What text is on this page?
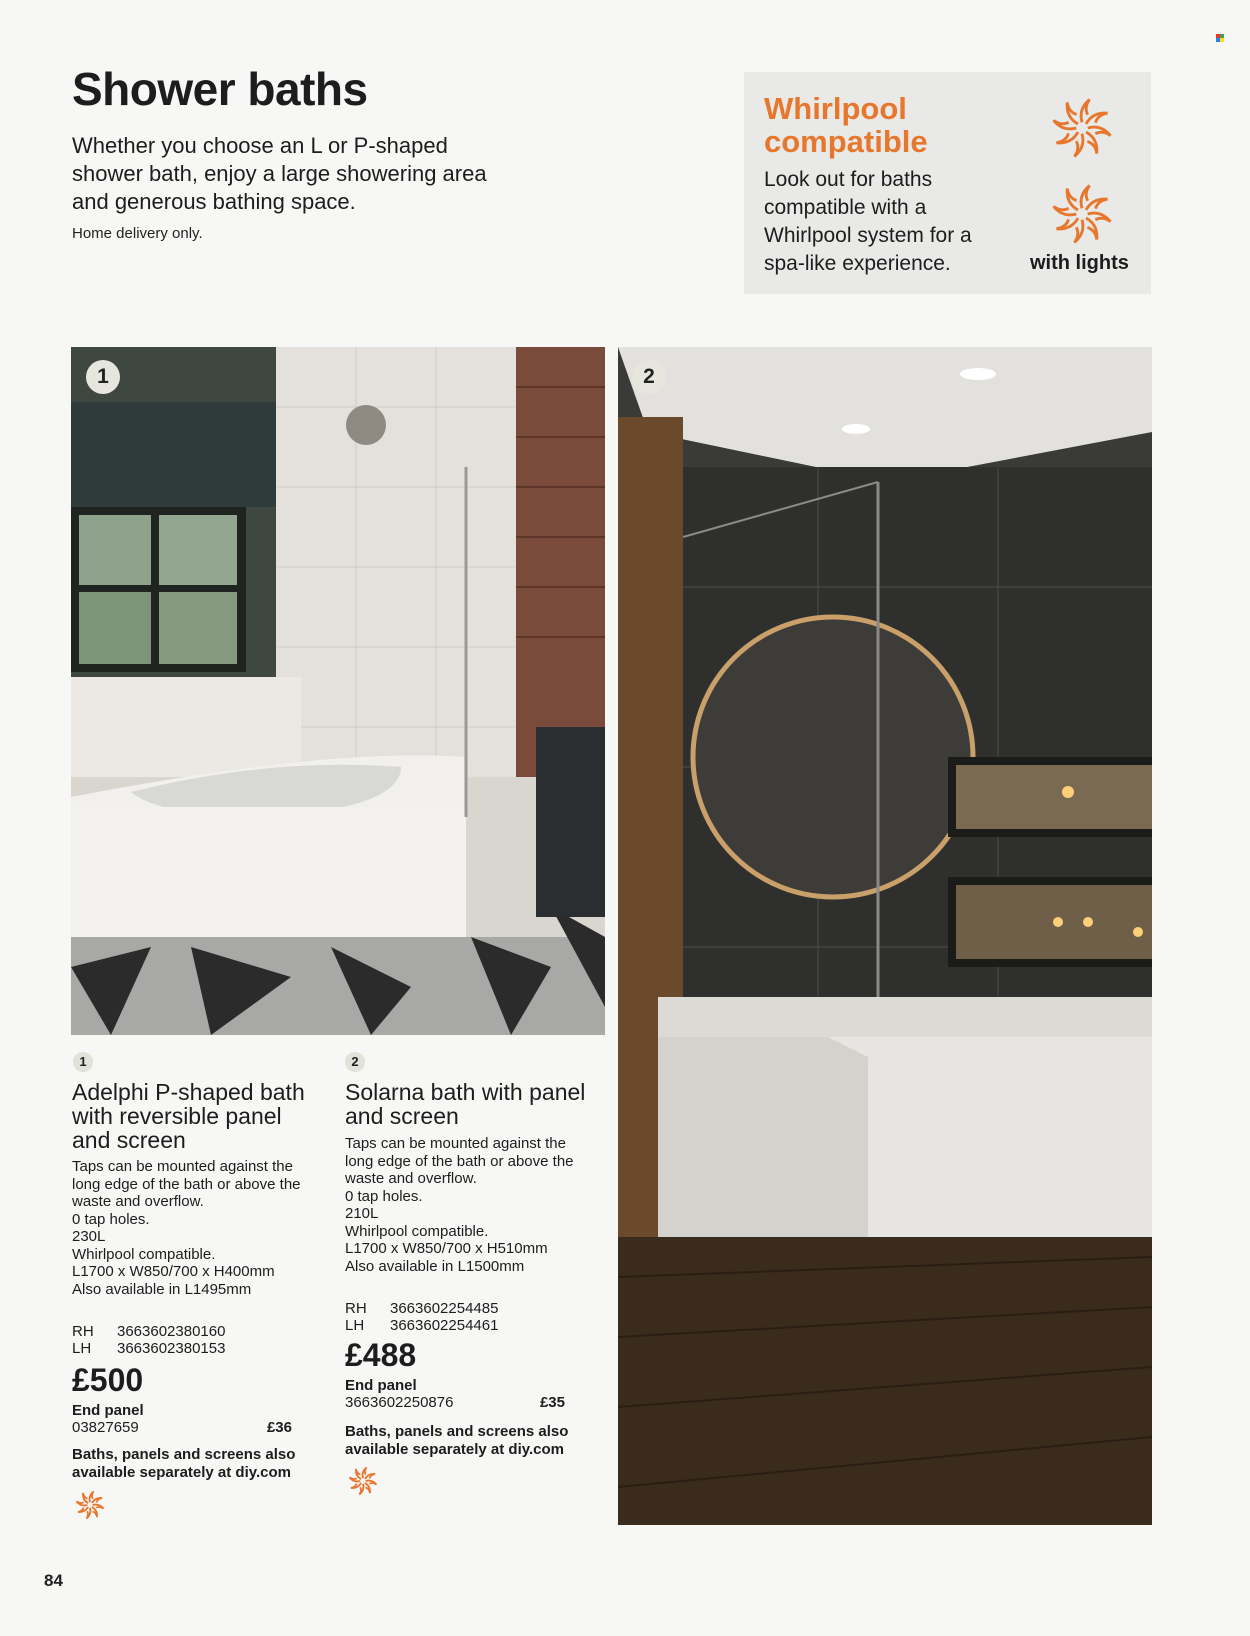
Shower baths
Whether you choose an L or P-shaped shower bath, enjoy a large showering area and generous bathing space.
Home delivery only.
Whirlpool compatible
Look out for baths compatible with a Whirlpool system for a spa-like experience.	with lights
1	2
1
Adelphi P-shaped bath with reversible panel and screen
Taps can be mounted against the long edge of the bath or above the waste and overflow.
0 tap holes.
230L
Whirlpool compatible.
L1700 x W850/700 x H400mm
Also available in L1495mm
RH 3663602380160
LH 3663602380153
£500
End panel
03827659	£36
Baths, panels and screens also available separately at diy.com
2
Solarna bath with panel and screen
Taps can be mounted against the long edge of the bath or above the waste and overflow.
0 tap holes.
210L
Whirlpool compatible.
L1700 x W850/700 x H510mm
Also available in L1500mm
RH 3663602254485
LH 3663602254461
£488
End panel
3663602250876	£35
Baths, panels and screens also available separately at diy.com
84
